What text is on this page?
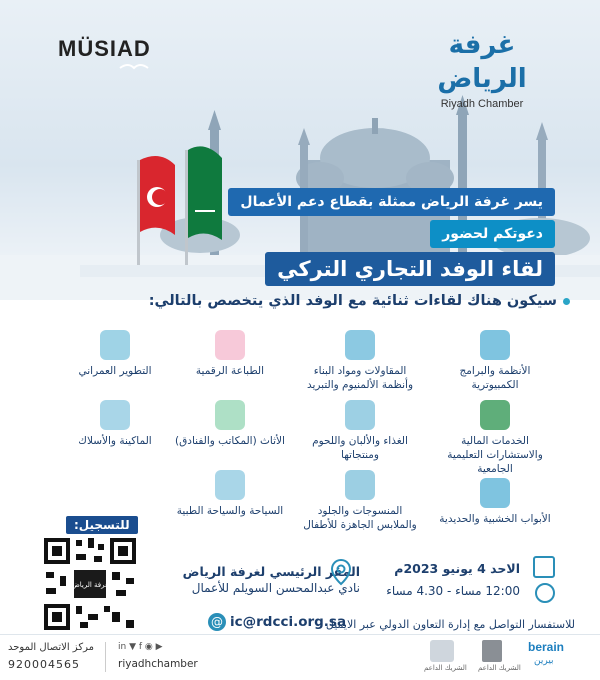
MÜSIAD	غرفة الرياض
Riyadh Chamber
يسر غرفة الرياض ممثلة بقطاع دعم الأعمال
دعوتكم لحضور
لقاء الوفد التجاري التركي
سيكون هناك لقاءات ثنائية مع الوفد الذي يتخصص بالتالي:
الأنظمة والبرامج الكمبيوترية
المقاولات ومواد البناء وأنظمة الألمنيوم والتبريد
الطباعة الرقمية
التطوير العمراني
الخدمات المالية والاستشارات التعليمية الجامعية
الغذاء والألبان واللحوم ومنتجاتها
الأثاث (المكاتب والفنادق)
الماكينة والأسلاك
الأبواب الخشبية والحديدية
المنسوجات والجلود والملابس الجاهزة للأطفال
السياحة والسياحة الطبية
للتسجيل:
غرفة الرياض
الاحد 4 يونيو 2023م
12:00 مساء - 4.30 مساء
المقر الرئيسي لغرفة الرياض
نادي عبدالمحسن السويلم للأعمال
@ ic@rdcci.org.sa
للاستفسار التواصل مع إدارة التعاون الدولي عبر الايميل
مركز الاتصال الموحد
920004565
in ▼ f ◉ ▶
riyadhchamber	الشريك الداعم الشريك الداعم
berain
بيرين
